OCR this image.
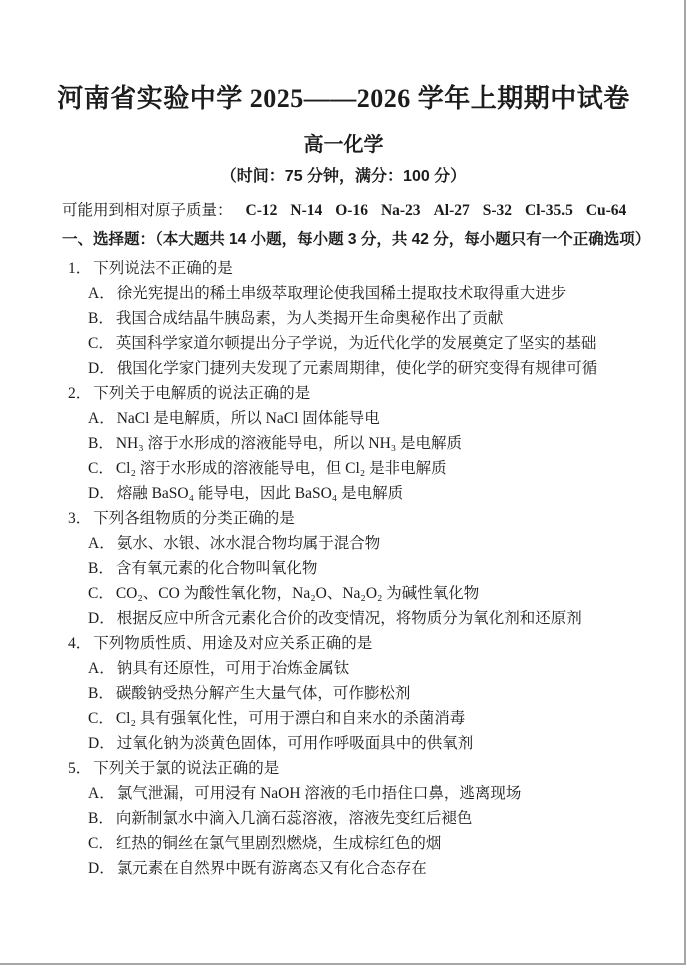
河南省实验中学 2025——2026 学年上期期中试卷
高一化学
（时间：75 分钟，满分：100 分）
可能用到相对原子质量： C-12 N-14 O-16 Na-23 Al-27 S-32 Cl-35.5 Cu-64
一、选择题：（本大题共 14 小题，每小题 3 分，共 42 分，每小题只有一个正确选项）
1． 下列说法不正确的是
A． 徐光宪提出的稀土串级萃取理论使我国稀土提取技术取得重大进步
B． 我国合成结晶牛胰岛素，为人类揭开生命奥秘作出了贡献
C． 英国科学家道尔顿提出分子学说，为近代化学的发展奠定了坚实的基础
D． 俄国化学家门捷列夫发现了元素周期律，使化学的研究变得有规律可循
2． 下列关于电解质的说法正确的是
A． NaCl 是电解质，所以 NaCl 固体能导电
B． NH₃ 溶于水形成的溶液能导电，所以 NH₃ 是电解质
C． Cl₂ 溶于水形成的溶液能导电，但 Cl₂ 是非电解质
D． 熔融 BaSO₄ 能导电，因此 BaSO₄ 是电解质
3． 下列各组物质的分类正确的是
A． 氨水、水银、冰水混合物均属于混合物
B． 含有氧元素的化合物叫氧化物
C． CO₂、CO 为酸性氧化物，Na₂O、Na₂O₂ 为碱性氧化物
D． 根据反应中所含元素化合价的改变情况，将物质分为氧化剂和还原剂
4． 下列物质性质、用途及对应关系正确的是
A． 钠具有还原性，可用于冶炼金属钛
B． 碳酸钠受热分解产生大量气体，可作膨松剂
C． Cl₂ 具有强氧化性，可用于漂白和自来水的杀菌消毒
D． 过氧化钠为淡黄色固体，可用作呼吸面具中的供氧剂
5． 下列关于氯的说法正确的是
A． 氯气泄漏，可用浸有 NaOH 溶液的毛巾捂住口鼻，逃离现场
B． 向新制氯水中滴入几滴石蕊溶液，溶液先变红后褪色
C． 红热的铜丝在氯气里剧烈燃烧，生成棕红色的烟
D． 氯元素在自然界中既有游离态又有化合态存在
